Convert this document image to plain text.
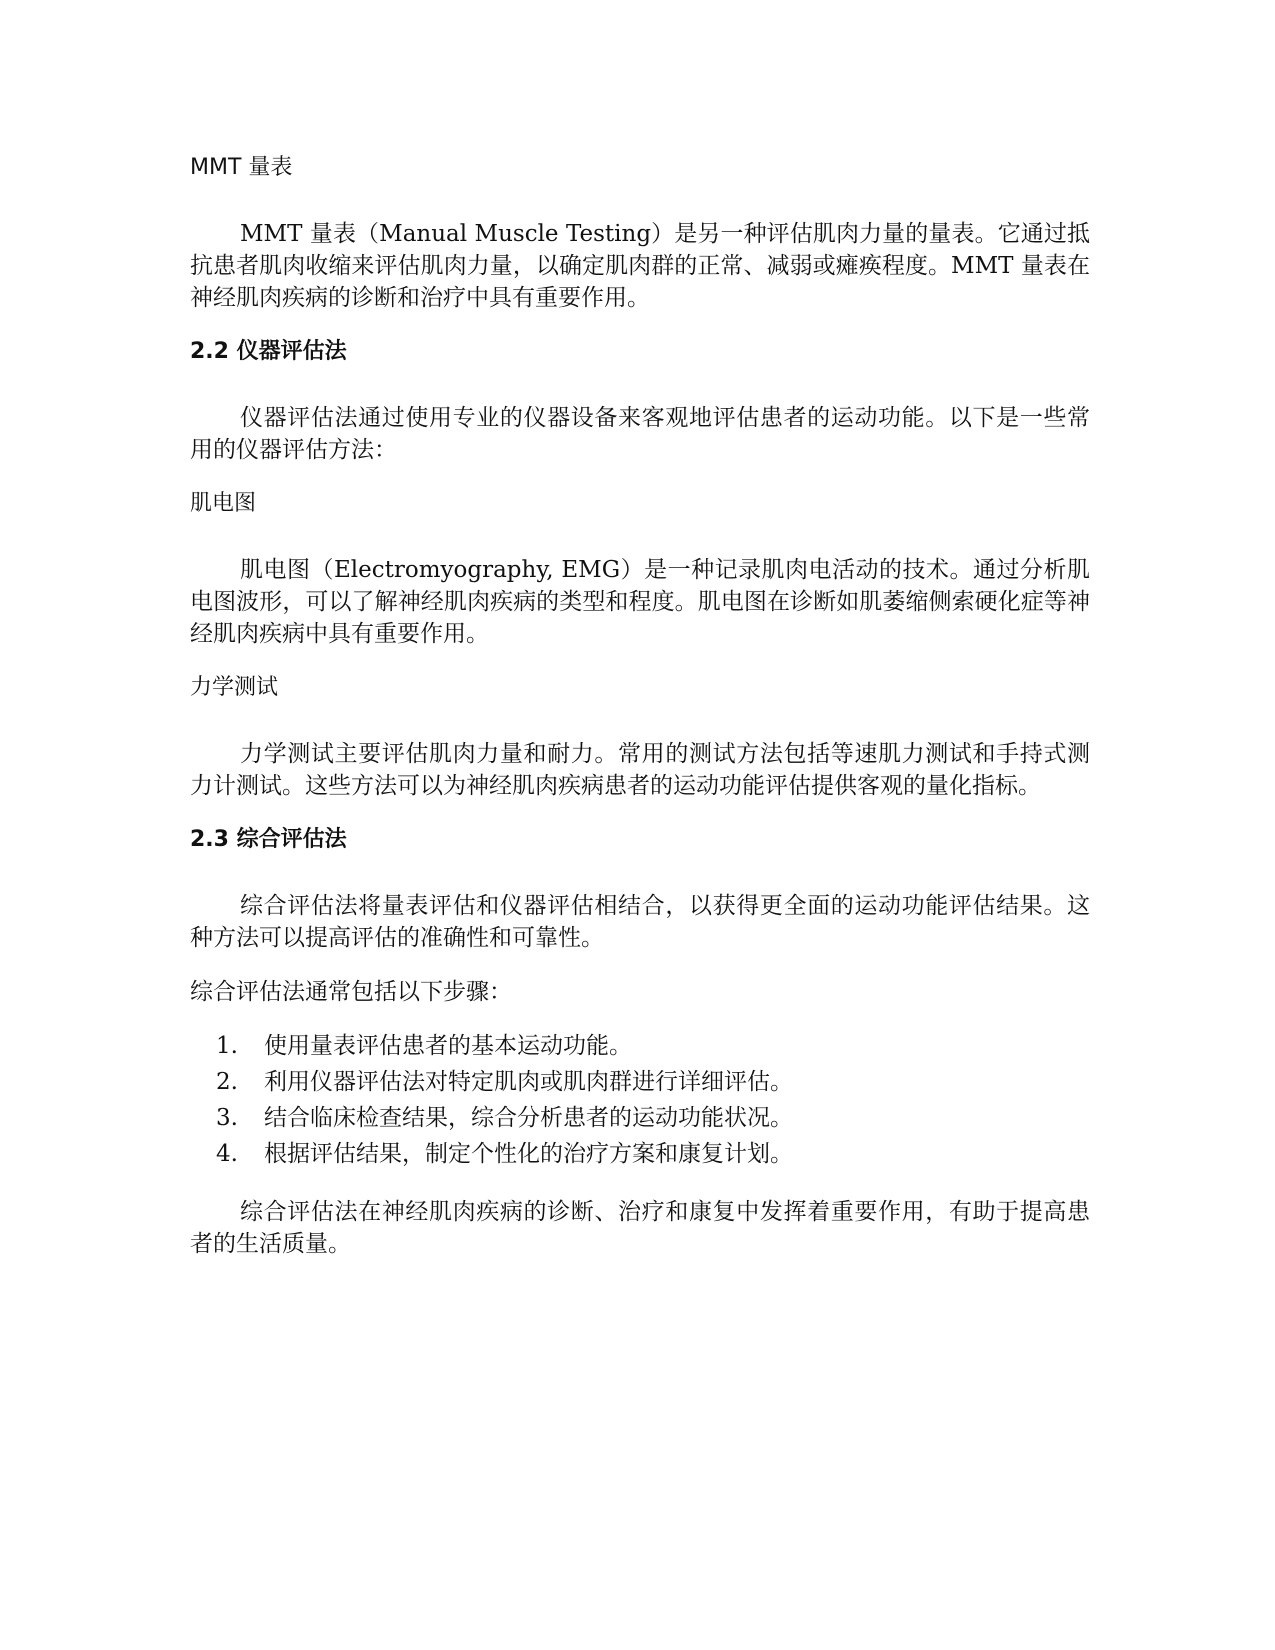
MMT 量表

MMT 量表（Manual Muscle Testing）是另一种评估肌肉力量的量表。它通过抵抗患者肌肉收缩来评估肌肉力量，以确定肌肉群的正常、减弱或瘫痪程度。MMT 量表在神经肌肉疾病的诊断和治疗中具有重要作用。

2.2 仪器评估法

仪器评估法通过使用专业的仪器设备来客观地评估患者的运动功能。以下是一些常用的仪器评估方法：

肌电图

肌电图（Electromyography, EMG）是一种记录肌肉电活动的技术。通过分析肌电图波形，可以了解神经肌肉疾病的类型和程度。肌电图在诊断如肌萎缩侧索硬化症等神经肌肉疾病中具有重要作用。

力学测试

力学测试主要评估肌肉力量和耐力。常用的测试方法包括等速肌力测试和手持式测力计测试。这些方法可以为神经肌肉疾病患者的运动功能评估提供客观的量化指标。

2.3 综合评估法

综合评估法将量表评估和仪器评估相结合，以获得更全面的运动功能评估结果。这种方法可以提高评估的准确性和可靠性。

综合评估法通常包括以下步骤：

1.	使用量表评估患者的基本运动功能。
2.	利用仪器评估法对特定肌肉或肌肉群进行详细评估。
3.	结合临床检查结果，综合分析患者的运动功能状况。
4.	根据评估结果，制定个性化的治疗方案和康复计划。

综合评估法在神经肌肉疾病的诊断、治疗和康复中发挥着重要作用，有助于提高患者的生活质量。
